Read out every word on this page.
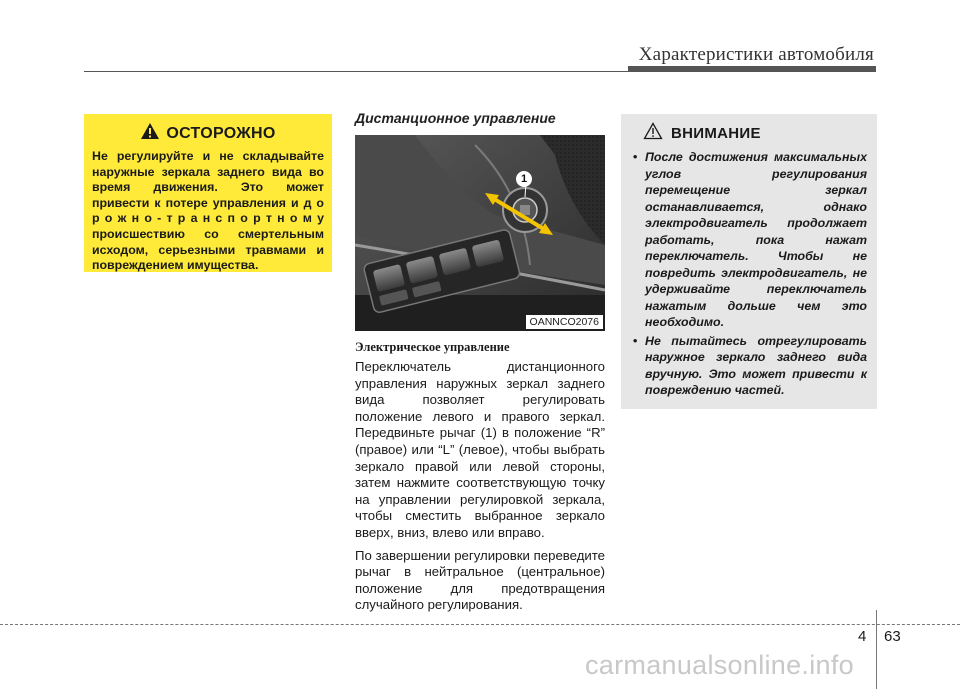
Характеристики автомобиля
ОСТОРОЖНО
Не регулируйте и не складывайте наружные зеркала заднего вида во время движения. Это может привести к потере управления и д о р о ж н о - т р а н с п о р т н о м у происшествию со смертельным исходом, серьезными травмами и повреждением имущества.
Дистанционное управление
1
OANNCO2076
Электрическое управление

Переключатель дистанционного управления наружных зеркал заднего вида позволяет регулировать положение левого и правого зеркал. Передвиньте рычаг (1) в положение “R” (правое) или “L” (левое), чтобы выбрать зеркало правой или левой стороны, затем нажмите соответствующую точку на управлении регулировкой зеркала, чтобы сместить выбранное зеркало вверх, вниз, влево или вправо.

По завершении регулировки переведите рычаг в нейтральное (центральное) положение для предотвращения случайного регулирования.

ВНИМАНИЕ
• После достижения максимальных углов регулирования перемещение зеркал останавливается, однако электродвигатель продолжает работать, пока нажат переключатель. Чтобы не повредить электродвигатель, не удерживайте переключатель нажатым дольше чем это необходимо.
• Не пытайтесь отрегулировать наружное зеркало заднего вида вручную. Это может привести к повреждению частей.
4 63
carmanualsonline.info
